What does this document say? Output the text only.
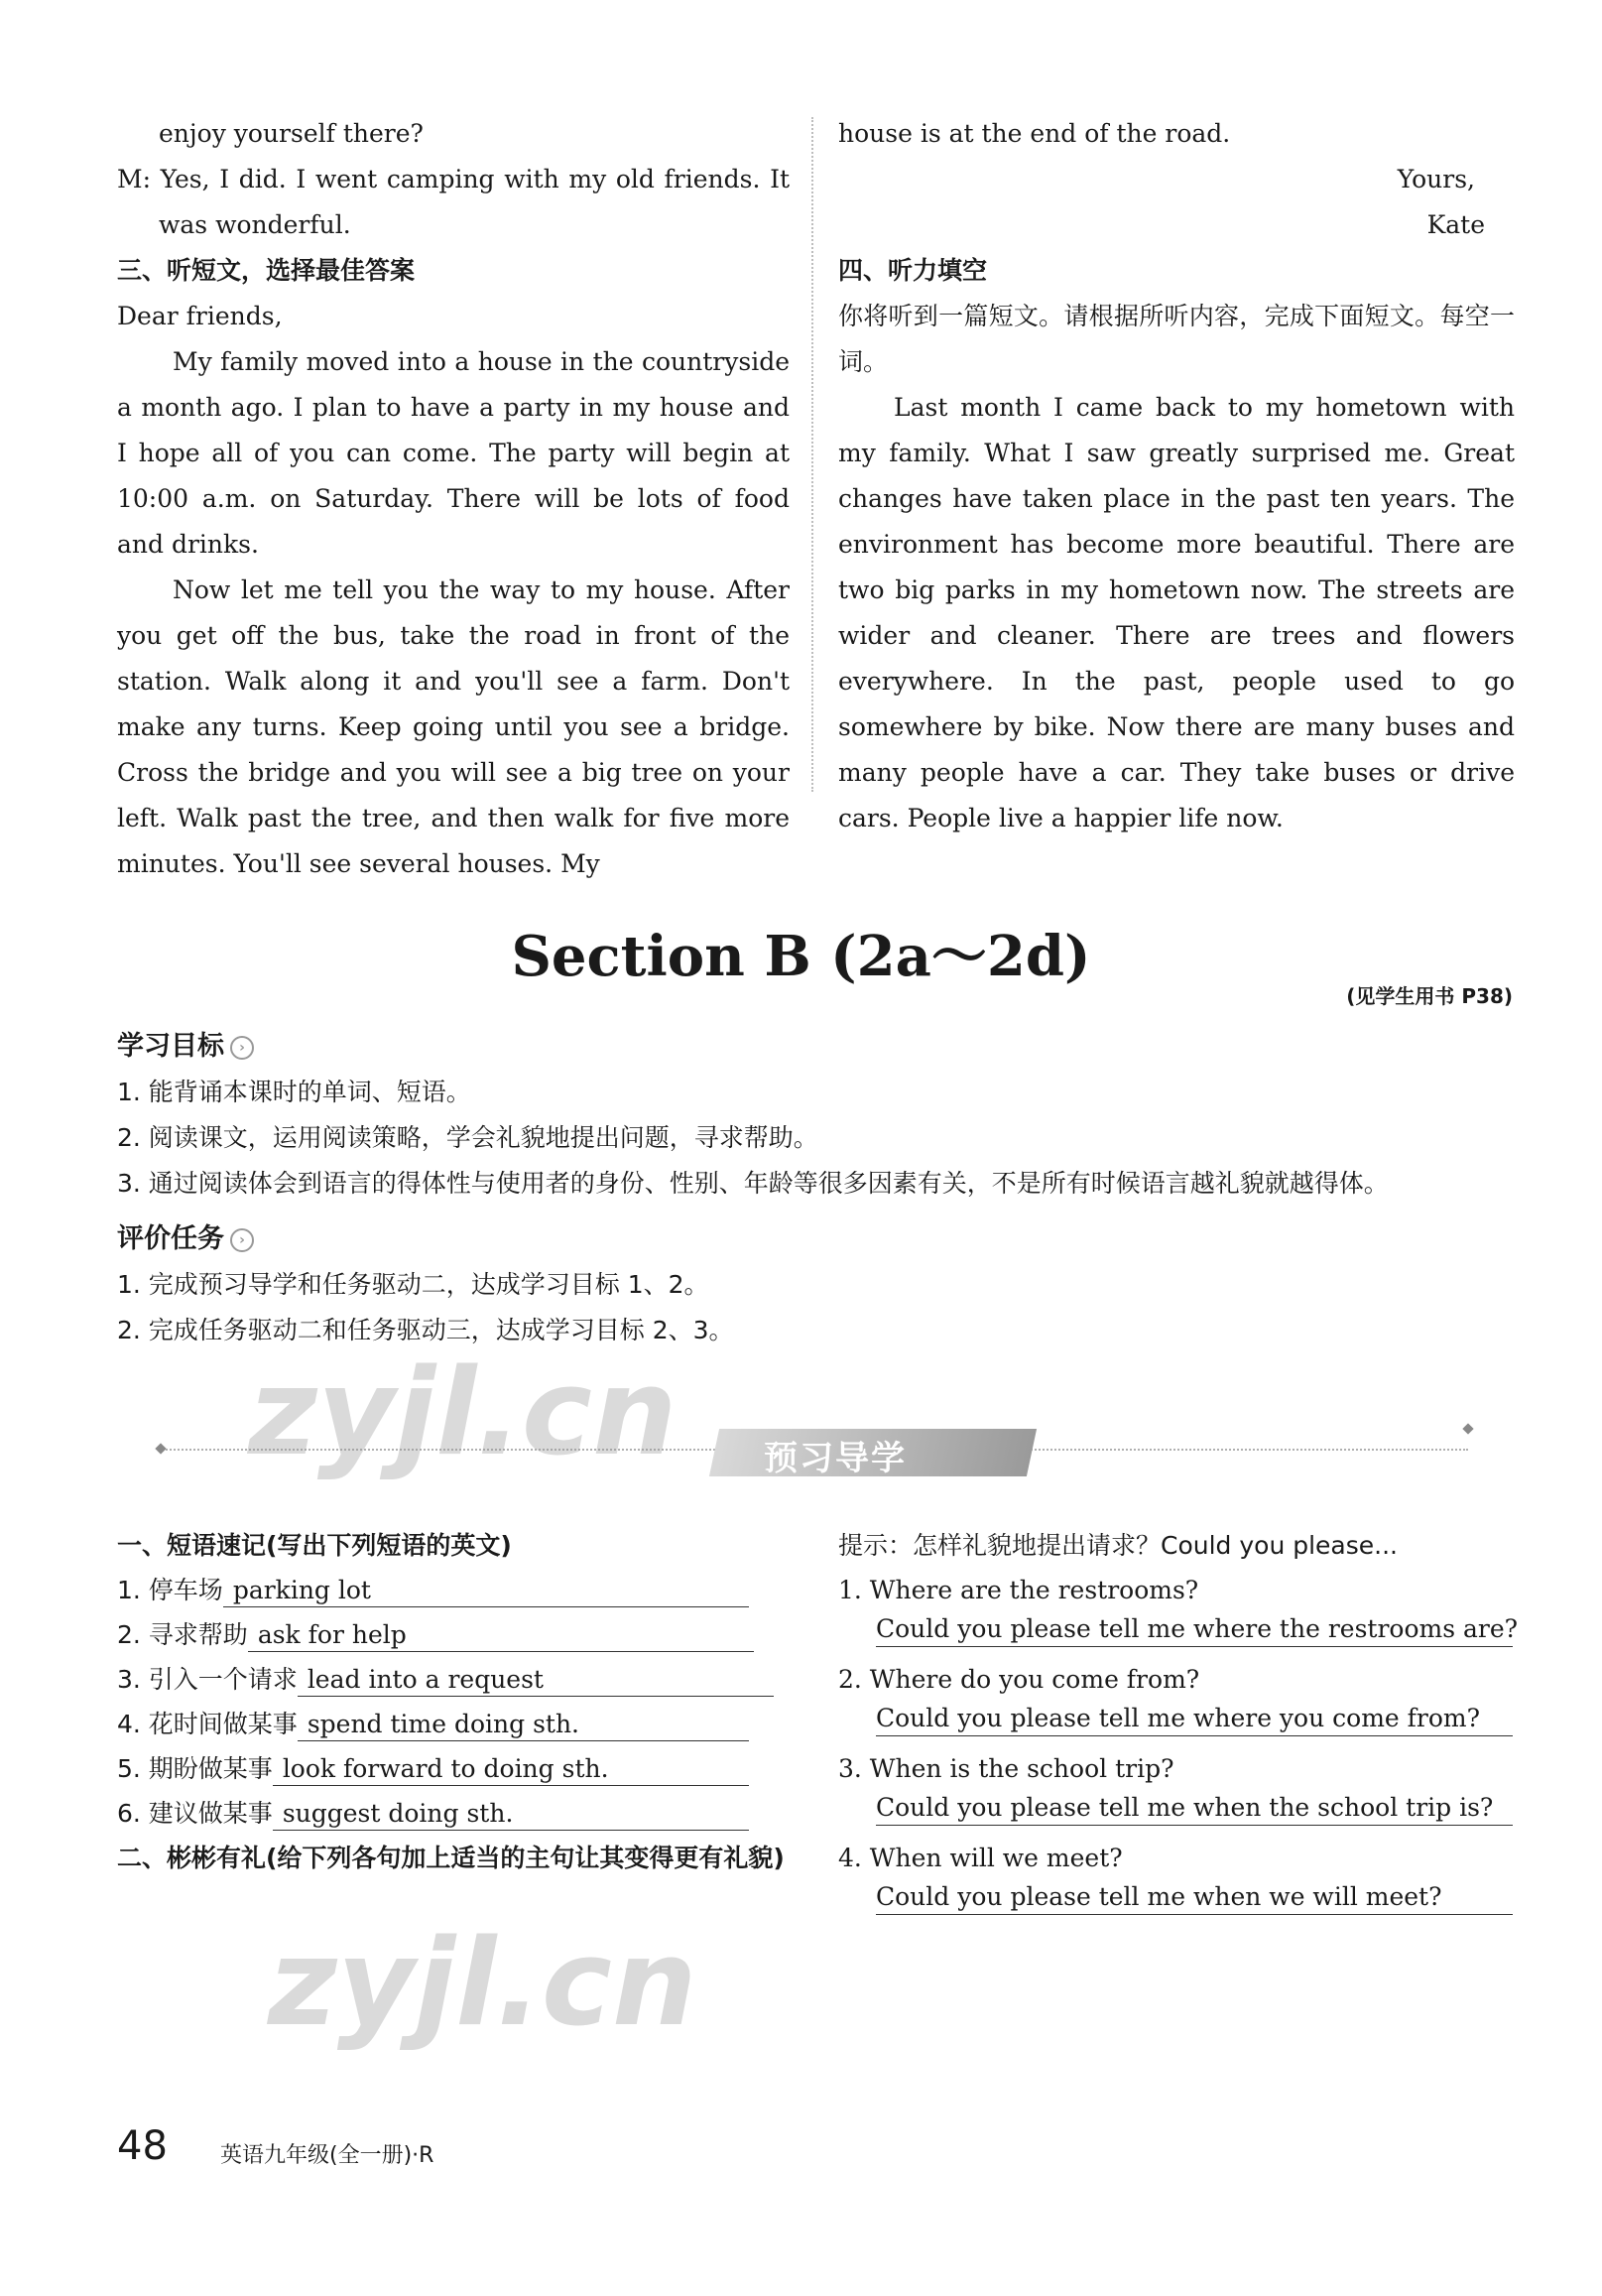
enjoy yourself there?

M: Yes, I did. I went camping with my old friends. It was wonderful.

三、听短文，选择最佳答案

Dear friends,

My family moved into a house in the countryside a month ago. I plan to have a party in my house and I hope all of you can come. The party will begin at 10:00 a.m. on Saturday. There will be lots of food and drinks.

Now let me tell you the way to my house. After you get off the bus, take the road in front of the station. Walk along it and you'll see a farm. Don't make any turns. Keep going until you see a bridge. Cross the bridge and you will see a big tree on your left. Walk past the tree, and then walk for five more minutes. You'll see several houses. My

house is at the end of the road.

Yours,

Kate

四、听力填空

你将听到一篇短文。请根据所听内容，完成下面短文。每空一词。

Last month I came back to my hometown with my family. What I saw greatly surprised me. Great changes have taken place in the past ten years. The environment has become more beautiful. There are two big parks in my hometown now. The streets are wider and cleaner. There are trees and flowers everywhere. In the past, people used to go somewhere by bike. Now there are many buses and many people have a car. They take buses or drive cars. People live a happier life now.

Section B (2a～2d)
(见学生用书 P38)
学习目标 ›

1. 能背诵本课时的单词、短语。

2. 阅读课文，运用阅读策略，学会礼貌地提出问题，寻求帮助。

3. 通过阅读体会到语言的得体性与使用者的身份、性别、年龄等很多因素有关，不是所有时候语言越礼貌就越得体。

评价任务 ›

1. 完成预习导学和任务驱动二，达成学习目标 1、2。

2. 完成任务驱动二和任务驱动三，达成学习目标 2、3。

预习导学
zyjl.cn
zyjl.cn
一、短语速记(写出下列短语的英文)
1. 停车场 parking lot
2. 寻求帮助 ask for help
3. 引入一个请求 lead into a request
4. 花时间做某事 spend time doing sth.
5. 期盼做某事 look forward to doing sth.
6. 建议做某事 suggest doing sth.
二、彬彬有礼(给下列各句加上适当的主句让其变得更有礼貌)
提示：怎样礼貌地提出请求？Could you please...
1. Where are the restrooms?
Could you please tell me where the restrooms are?
2. Where do you come from?
Could you please tell me where you come from?
3. When is the school trip?
Could you please tell me when the school trip is?
4. When will we meet?
Could you please tell me when we will meet?
48 英语九年级(全一册)·R
